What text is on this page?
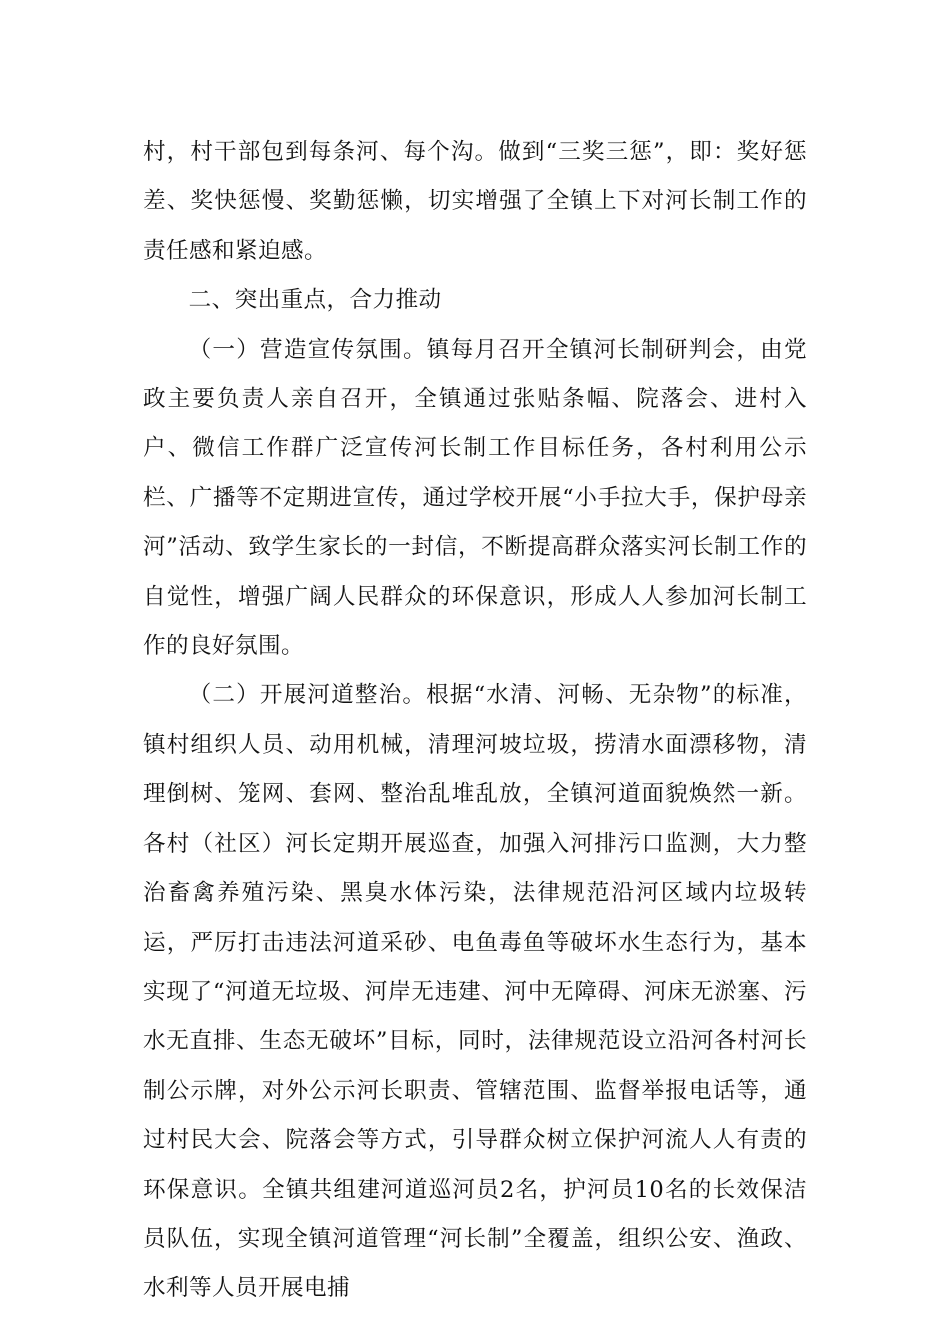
村，村干部包到每条河、每个沟。做到“三奖三惩”，即：奖好惩差、奖快惩慢、奖勤惩懒，切实增强了全镇上下对河长制工作的责任感和紧迫感。

二、突出重点，合力推动

（一）营造宣传氛围。镇每月召开全镇河长制研判会，由党政主要负责人亲自召开，全镇通过张贴条幅、院落会、进村入户、微信工作群广泛宣传河长制工作目标任务，各村利用公示栏、广播等不定期进宣传，通过学校开展“小手拉大手，保护母亲河”活动、致学生家长的一封信，不断提高群众落实河长制工作的自觉性，增强广阔人民群众的环保意识，形成人人参加河长制工作的良好氛围。

（二）开展河道整治。根据“水清、河畅、无杂物”的标准，镇村组织人员、动用机械，清理河坡垃圾，捞清水面漂移物，清理倒树、笼网、套网、整治乱堆乱放，全镇河道面貌焕然一新。各村（社区）河长定期开展巡查，加强入河排污口监测，大力整治畜禽养殖污染、黑臭水体污染，法律规范沿河区域内垃圾转运，严厉打击违法河道采砂、电鱼毒鱼等破坏水生态行为，基本实现了“河道无垃圾、河岸无违建、河中无障碍、河床无淤塞、污水无直排、生态无破坏”目标，同时，法律规范设立沿河各村河长制公示牌，对外公示河长职责、管辖范围、监督举报电话等，通过村民大会、院落会等方式，引导群众树立保护河流人人有责的环保意识。全镇共组建河道巡河员2名，护河员10名的长效保洁员队伍，实现全镇河道管理“河长制”全覆盖，组织公安、渔政、水利等人员开展电捕
